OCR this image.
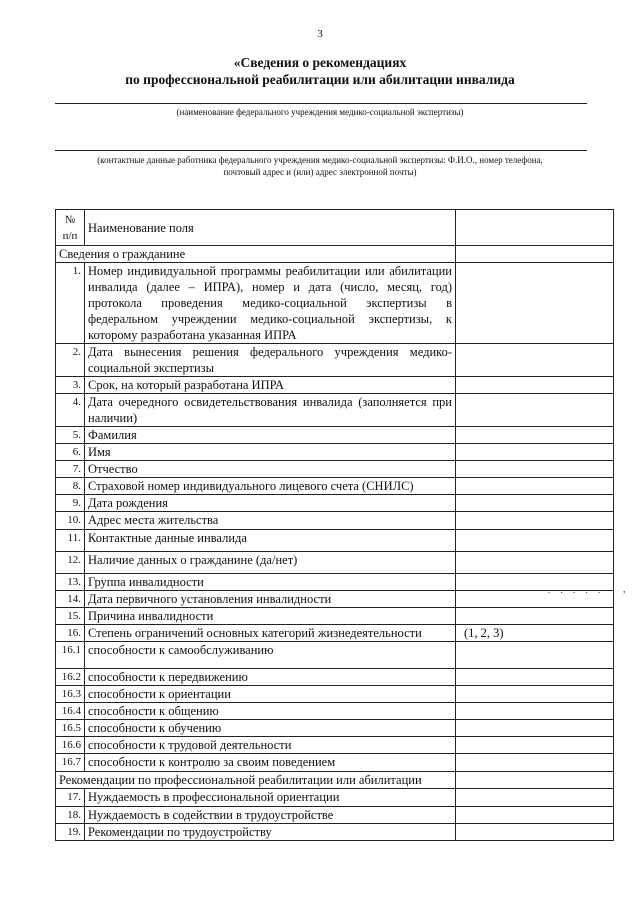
3
«Сведения о рекомендациях
по профессиональной реабилитации или абилитации инвалида
(наименование федерального учреждения медико-социальной экспертизы)
(контактные данные работника федерального учреждения медико-социальной экспертизы: Ф.И.О., номер телефона,
почтовый адрес и (или) адрес электронной почты)
№ п/п	Наименование поля	
Сведения о гражданине		
1.	Номер индивидуальной программы реабилитации или абилитации инвалида (далее – ИПРА), номер и дата (число, месяц, год) протокола проведения медико-социальной экспертизы в федеральном учреждении медико-социальной экспертизы, к которому разработана указанная ИПРА	
2.	Дата вынесения решения федерального учреждения медико-социальной экспертизы	
3.	Срок, на который разработана ИПРА	
4.	Дата очередного освидетельствования инвалида (заполняется при наличии)	
5.	Фамилия	
6.	Имя	
7.	Отчество	
8.	Страховой номер индивидуального лицевого счета (СНИЛС)	
9.	Дата рождения	
10.	Адрес места жительства	
11.	Контактные данные инвалида	
12.	Наличие данных о гражданине (да/нет)	
13.	Группа инвалидности	
14.	Дата первичного установления инвалидности	
15.	Причина инвалидности	
16.	Степень ограничений основных категорий жизнедеятельности	(1, 2, 3)
16.1	способности к самообслуживанию	
16.2	способности к передвижению	
16.3	способности к ориентации	
16.4	способности к общению	
16.5	способности к обучению	
16.6	способности к трудовой деятельности	
16.7	способности к контролю за своим поведением	
Рекомендации по профессиональной реабилитации или абилитации		
17.	Нуждаемость в профессиональной ориентации	
18.	Нуждаемость в содействии в трудоустройстве	
19.	Рекомендации по трудоустройству	
. . . . . ,
